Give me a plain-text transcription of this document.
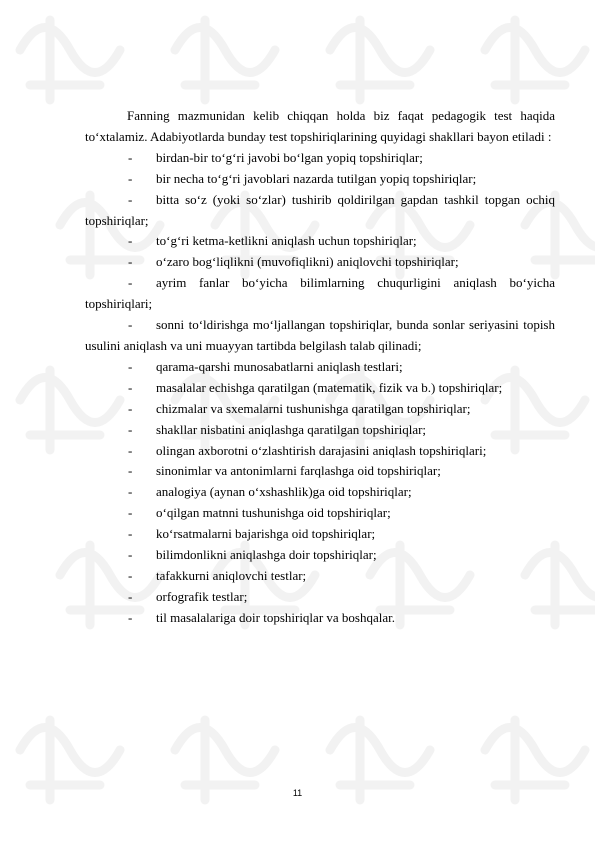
Fanning mazmunidan kelib chiqqan holda biz faqat pedagogik test haqida to‘xtalamiz. Adabiyotlarda bunday test topshiriqlarining quyidagi shakllari bayon etiladi :

-	birdan-bir to‘g‘ri javobi bo‘lgan yopiq topshiriqlar;
-	bir necha to‘g‘ri javoblari nazarda tutilgan yopiq topshiriqlar;
-	bitta so‘z (yoki so‘zlar) tushirib qoldirilgan gapdan tashkil topgan ochiq topshiriqlar;
-	to‘g‘ri ketma-ketlikni aniqlash uchun topshiriqlar;
-	o‘zaro bog‘liqlikni (muvofiqlikni) aniqlovchi topshiriqlar;
-	ayrim fanlar bo‘yicha bilimlarning chuqurligini aniqlash bo‘yicha topshiriqlari;
-	sonni to‘ldirishga mo‘ljallangan topshiriqlar, bunda sonlar seriyasini topish usulini aniqlash va uni muayyan tartibda belgilash talab qilinadi;
-	qarama-qarshi munosabatlarni aniqlash testlari;
-	masalalar echishga qaratilgan (matematik, fizik va b.) topshiriqlar;
-	chizmalar va sxemalarni tushunishga qaratilgan topshiriqlar;
-	shakllar nisbatini aniqlashga qaratilgan topshiriqlar;
-	olingan axborotni o‘zlashtirish darajasini aniqlash topshiriqlari;
-	sinonimlar va antonimlarni farqlashga oid topshiriqlar;
-	analogiya (aynan o‘xshashlik)ga oid topshiriqlar;
-	o‘qilgan matnni tushunishga oid topshiriqlar;
-	ko‘rsatmalarni bajarishga oid topshiriqlar;
-	bilimdonlikni aniqlashga doir topshiriqlar;
-	tafakkurni aniqlovchi testlar;
-	orfografik testlar;
-	til masalalariga doir topshiriqlar va boshqalar.
11
